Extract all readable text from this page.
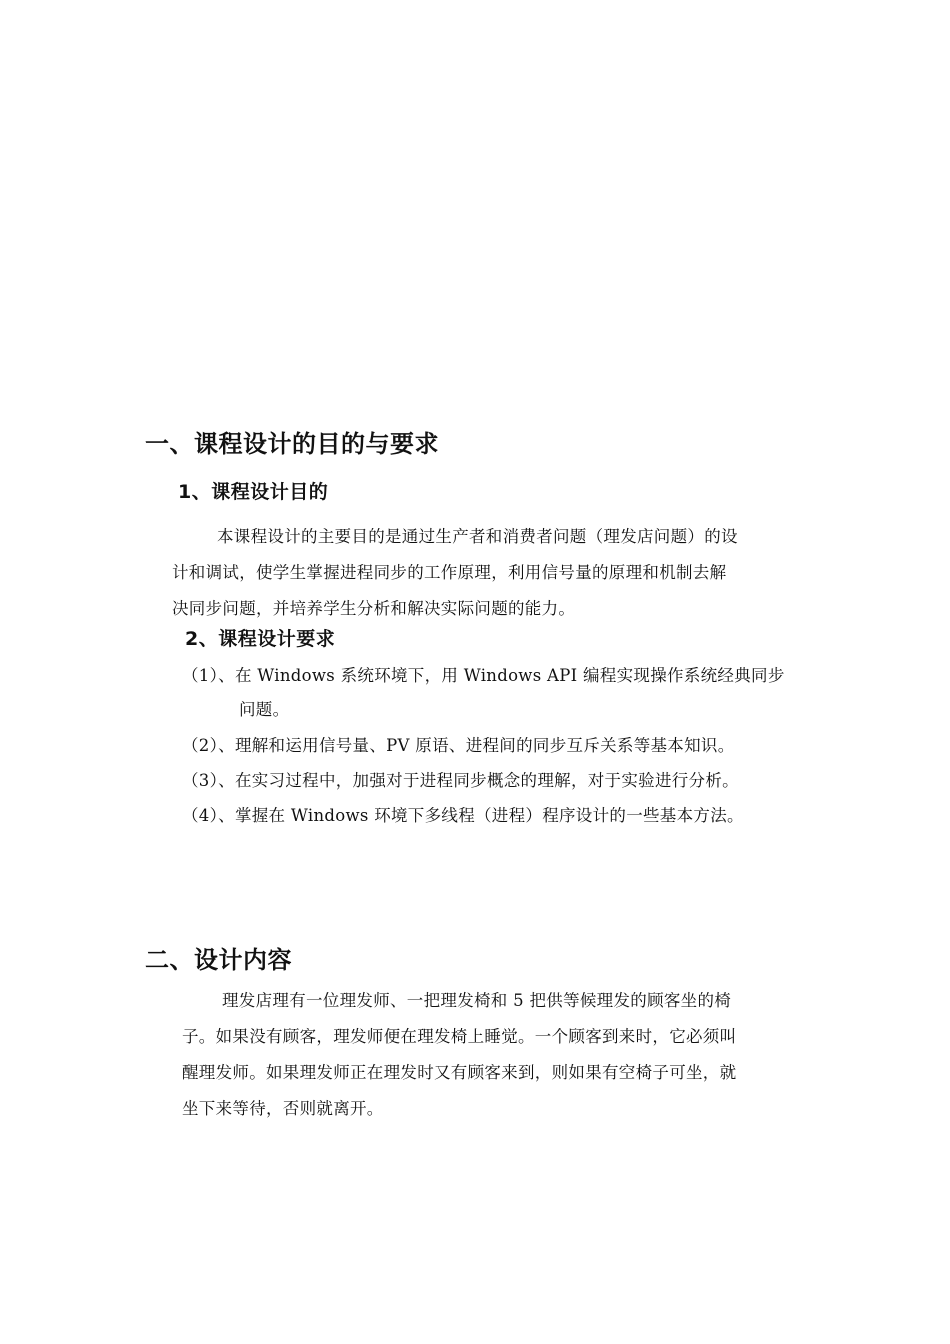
一、课程设计的目的与要求
1、课程设计目的
本课程设计的主要目的是通过生产者和消费者问题（理发店问题）的设
计和调试，使学生掌握进程同步的工作原理，利用信号量的原理和机制去解
决同步问题，并培养学生分析和解决实际问题的能力。
2、课程设计要求
（1）、在 Windows 系统环境下，用 Windows API 编程实现操作系统经典同步
问题。
（2）、理解和运用信号量、PV 原语、进程间的同步互斥关系等基本知识。
（3）、在实习过程中，加强对于进程同步概念的理解，对于实验进行分析。
（4）、掌握在 Windows 环境下多线程（进程）程序设计的一些基本方法。
二、设计内容
理发店理有一位理发师、一把理发椅和 5 把供等候理发的顾客坐的椅
子。如果没有顾客，理发师便在理发椅上睡觉。一个顾客到来时，它必须叫
醒理发师。如果理发师正在理发时又有顾客来到，则如果有空椅子可坐，就
坐下来等待，否则就离开。
